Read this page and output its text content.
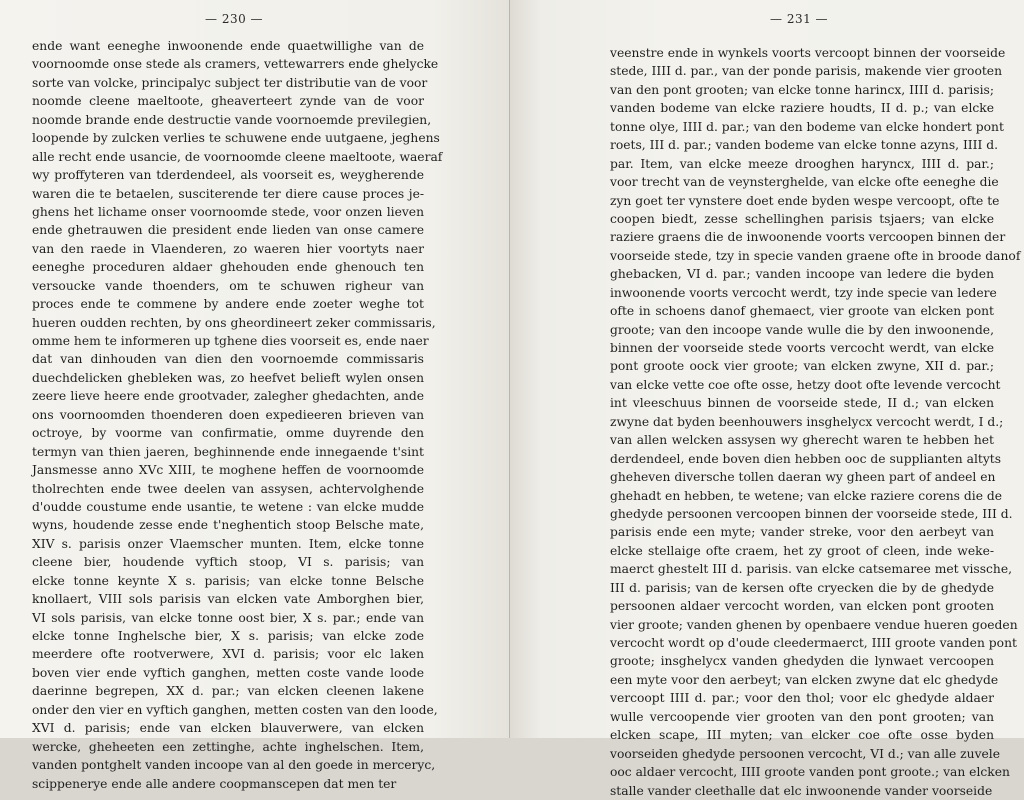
— 230 —
ende want eeneghe inwoonende ende quaetwillighe van de
voornoomde onse stede als cramers, vettewarrers ende ghelycke
sorte van volcke, principalyc subject ter distributie van de voor
noomde cleene maeltoote, gheaverteert zynde van de voor
noomde brande ende destructie vande voornoemde previlegien,
loopende by zulcken verlies te schuwene ende uutgaene, jeghens
alle recht ende usancie, de voornoomde cleene maeltoote, waeraf
wy proffyteren van tderdendeel, als voorseit es, weygherende
waren die te betaelen, susciterende ter diere cause proces je-
ghens het lichame onser voornoomde stede, voor onzen lieven
ende ghetrauwen die president ende lieden van onse camere
van den raede in Vlaenderen, zo waeren hier voortyts naer
eeneghe proceduren aldaer ghehouden ende ghenouch ten
versoucke vande thoenders, om te schuwen righeur van
proces ende te commene by andere ende zoeter weghe tot
hueren oudden rechten, by ons gheordineert zeker commissaris,
omme hem te informeren up tghene dies voorseit es, ende naer
dat van dinhouden van dien den voornoemde commissaris
duechdelicken ghebleken was, zo heefvet belieft wylen onsen
zeere lieve heere ende grootvader, zalegher ghedachten, ande
ons voornoomden thoenderen doen expedieeren brieven van
octroye, by voorme van confirmatie, omme duyrende den
termyn van thien jaeren, beghinnende ende innegaende t'sint
Jansmesse anno XVc XIII, te moghene heffen de voornoomde
tholrechten ende twee deelen van assysen, achtervolghende
d'oudde coustume ende usantie, te wetene : van elcke mudde
wyns, houdende zesse ende t'neghentich stoop Belsche mate,
XIV s. parisis onzer Vlaemscher munten. Item, elcke tonne
cleene bier, houdende vyftich stoop, VI s. parisis; van
elcke tonne keynte X s. parisis; van elcke tonne Belsche
knollaert, VIII sols parisis van elcken vate Amborghen bier,
VI sols parisis, van elcke tonne oost bier, X s. par.; ende van
elcke tonne Inghelsche bier, X s. parisis; van elcke zode
meerdere ofte rootverwere, XVI d. parisis; voor elc laken
boven vier ende vyftich ganghen, metten coste vande loode
daerinne begrepen, XX d. par.; van elcken cleenen lakene
onder den vier en vyftich ganghen, metten costen van den loode,
XVI d. parisis; ende van elcken blauverwere, van elcken
wercke, gheheeten een zettinghe, achte inghelschen. Item,
vanden pontghelt vanden incoope van al den goede in merceryc,
scippenerye ende alle andere coopmanscepen dat men ter
— 231 —
veenstre ende in wynkels voorts vercoopt binnen der voorseide
stede, IIII d. par., van der ponde parisis, makende vier grooten
van den pont grooten; van elcke tonne harincx, IIII d. parisis;
vanden bodeme van elcke raziere houdts, II d. p.; van elcke
tonne olye, IIII d. par.; van den bodeme van elcke hondert pont
roets, III d. par.; vanden bodeme van elcke tonne azyns, IIII d.
par. Item, van elcke meeze drooghen haryncx, IIII d. par.;
voor trecht van de veynsterghelde, van elcke ofte eeneghe die
zyn goet ter vynstere doet ende byden wespe vercoopt, ofte te
coopen biedt, zesse schellinghen parisis tsjaers; van elcke
raziere graens die de inwoonende voorts vercoopen binnen der
voorseide stede, tzy in specie vanden graene ofte in broode danof
ghebacken, VI d. par.; vanden incoope van ledere die byden
inwoonende voorts vercocht werdt, tzy inde specie van ledere
ofte in schoens danof ghemaect, vier groote van elcken pont
groote; van den incoope vande wulle die by den inwoonende,
binnen der voorseide stede voorts vercocht werdt, van elcke
pont groote oock vier groote; van elcken zwyne, XII d. par.;
van elcke vette coe ofte osse, hetzy doot ofte levende vercocht
int vleeschuus binnen de voorseide stede, II d.; van elcken
zwyne dat byden beenhouwers insghelycx vercocht werdt, I d.;
van allen welcken assysen wy gherecht waren te hebben het
derdendeel, ende boven dien hebben ooc de supplianten altyts
gheheven diversche tollen daeran wy gheen part of andeel en
ghehadt en hebben, te wetene; van elcke raziere corens die de
ghedyde persoonen vercoopen binnen der voorseide stede, III d.
parisis ende een myte; vander streke, voor den aerbeyt van
elcke stellaige ofte craem, het zy groot of cleen, inde weke-
maerct ghestelt III d. parisis. van elcke catsemaree met vissche,
III d. parisis; van de kersen ofte cryecken die by de ghedyde
persoonen aldaer vercocht worden, van elcken pont grooten
vier groote; vanden ghenen by openbaere vendue hueren goeden
vercocht wordt op d'oude cleedermaerct, IIII groote vanden pont
groote; insghelycx vanden ghedyden die lynwaet vercoopen
een myte voor den aerbeyt; van elcken zwyne dat elc ghedyde
vercoopt IIII d. par.; voor den thol; voor elc ghedyde aldaer
wulle vercoopende vier grooten van den pont grooten; van
elcken scape, III myten; van elcker coe ofte osse byden
voorseiden ghedyde persoonen vercocht, VI d.; van alle zuvele
ooc aldaer vercocht, IIII groote vanden pont groote.; van elcken
stalle vander cleethalle dat elc inwoonende vander voorseide
